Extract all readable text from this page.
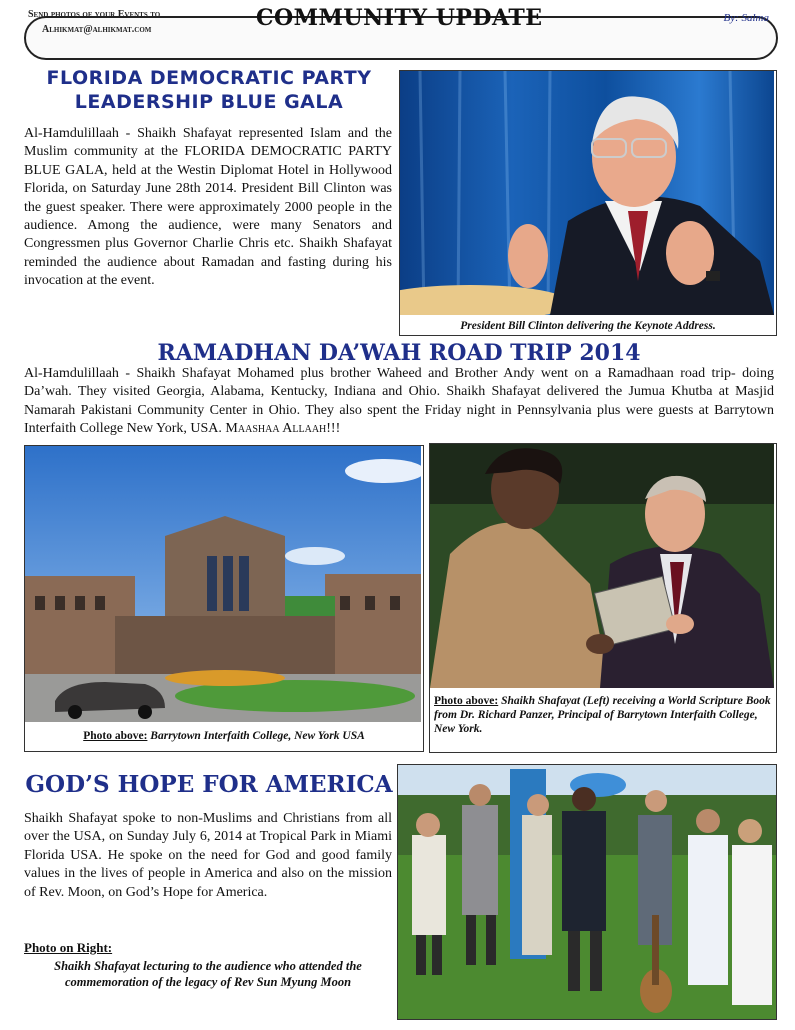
Send photos of your Events to
Alhikmat@alhikmat.com	COMMUNITY UPDATE	By: Salma
FLORIDA DEMOCRATIC PARTY
LEADERSHIP BLUE GALA

Al-Hamdulillaah - Shaikh Shafayat represented Islam and the Muslim community at the FLORIDA DEMOCRATIC PARTY BLUE GALA, held at the Westin Diplomat Hotel in Hollywood Florida, on Saturday June 28th 2014. President Bill Clinton was the guest speaker. There were approximately 2000 people in the audience. Among the audience, were many Senators and Congressmen plus Governor Charlie Chris etc. Shaikh Shafayat reminded the audience about Ramadan and fasting during his invocation at the event.

President Bill Clinton delivering the Keynote Address.
RAMADHAN DA’WAH ROAD TRIP 2014

Al-Hamdulillaah - Shaikh Shafayat Mohamed plus brother Waheed and Brother Andy went on a Ramadhaan road trip- doing Da’wah. They visited Georgia, Alabama, Kentucky, Indiana and Ohio. Shaikh Shafayat delivered the Jumua Khutba at Masjid Namarah Pakistani Community Center in Ohio. They also spent the Friday night in Pennsylvania plus were guests at Barrytown Interfaith College New York, USA. Maashaa Allaah!!!

Photo above: Barrytown Interfaith College, New York USA
Photo above: Shaikh Shafayat (Left) receiving a World Scripture Book from Dr. Richard Panzer, Principal of Barrytown Interfaith College, New York.
GOD’S HOPE FOR AMERICA

Shaikh Shafayat spoke to non-Muslims and Christians from all over the USA, on Sunday July 6, 2014 at Tropical Park in Miami Florida USA. He spoke on the need for God and good family values in the lives of people in America and also on the mission of Rev. Moon, on God’s Hope for America.

Photo on Right:
Shaikh Shafayat lecturing to the audience who attended the commemoration of the legacy of Rev Sun Myung Moon
